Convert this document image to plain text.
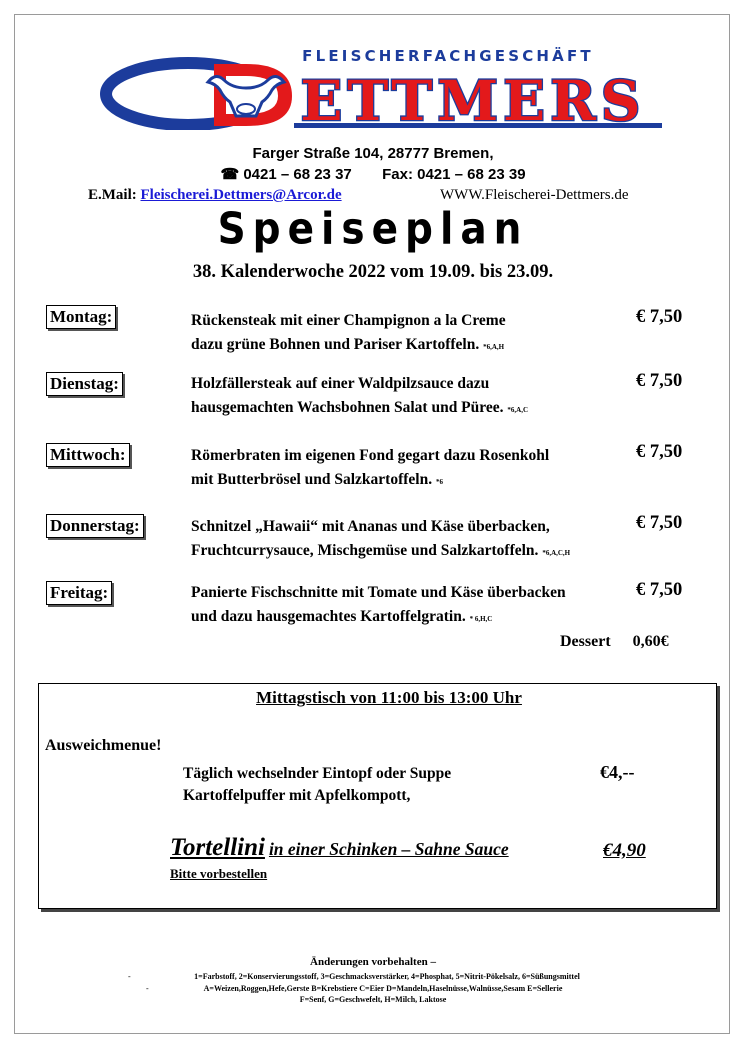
FLEISCHERFACHGESCHÄFT
ETTMERS
Farger Straße 104, 28777 Bremen,
☎ 0421 – 68 23 37 Fax: 0421 – 68 23 39
E.Mail: Fleischerei.Dettmers@Arcor.de	WWW.Fleischerei-Dettmers.de
Speiseplan
38. Kalenderwoche 2022 vom 19.09. bis 23.09.
Montag:	Rückensteak mit einer Champignon a la Creme
dazu grüne Bohnen und Pariser Kartoffeln. *6,A,H
€ 7,50
Dienstag:	Holzfällersteak auf einer Waldpilzsauce dazu
hausgemachten Wachsbohnen Salat und Püree. *6,A,C
€ 7,50
Mittwoch:	Römerbraten im eigenen Fond gegart dazu Rosenkohl
mit Butterbrösel und Salzkartoffeln. *6
€ 7,50
Donnerstag:	Schnitzel „Hawaii“ mit Ananas und Käse überbacken,
Fruchtcurrysauce, Mischgemüse und Salzkartoffeln. *6,A,C,H
€ 7,50
Freitag:	Panierte Fischschnitte mit Tomate und Käse überbacken
und dazu hausgemachtes Kartoffelgratin. * 6,H,C
€ 7,50
Dessert 0,60€
Mittagstisch von 11:00 bis 13:00 Uhr
Ausweichmenue!
Täglich wechselnder Eintopf oder Suppe
Kartoffelpuffer mit Apfelkompott,
€4,--
Tortellini in einer Schinken – Sahne Sauce	€4,90
Bitte vorbestellen
Änderungen vorbehalten –
-	1=Farbstoff, 2=Konservierungsstoff, 3=Geschmacksverstärker, 4=Phosphat, 5=Nitrit-Pökelsalz, 6=Süßungsmittel
-	A=Weizen,Roggen,Hefe,Gerste B=Krebstiere C=Eier D=Mandeln,Haselnüsse,Walnüsse,Sesam E=Sellerie
F=Senf, G=Geschwefelt, H=Milch, Laktose
